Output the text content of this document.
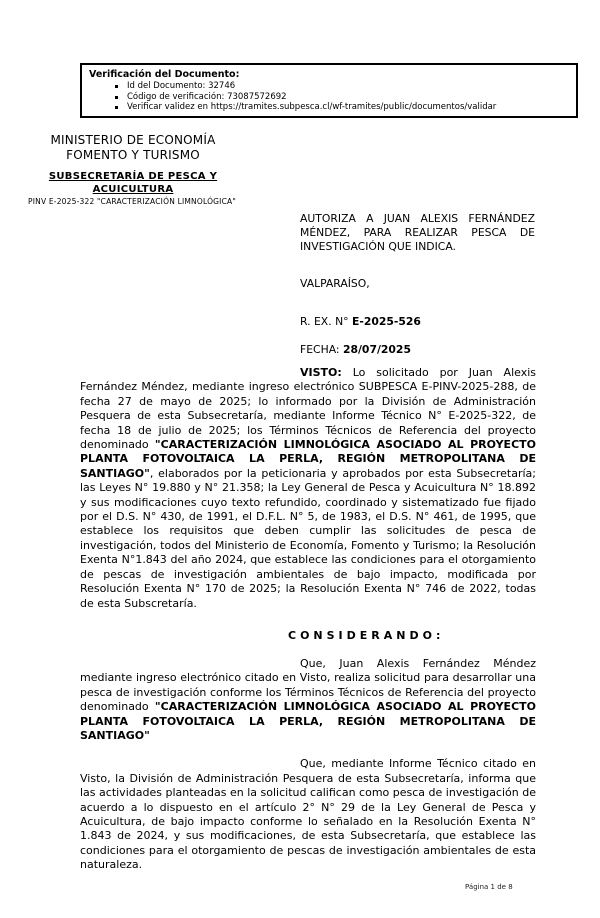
Verificación del Documento:
Id del Documento: 32746
Código de verificación: 73087572692
Verificar validez en https://tramites.subpesca.cl/wf-tramites/public/documentos/validar
MINISTERIO DE ECONOMÍA
FOMENTO Y TURISMO
SUBSECRETARÍA DE PESCA Y ACUICULTURA
PINV E-2025-322 "CARACTERIZACIÓN LIMNOLÓGICA"

AUTORIZA A JUAN ALEXIS FERNÁNDEZ MÉNDEZ, PARA REALIZAR PESCA DE INVESTIGACIÓN QUE INDICA.

VALPARAÍSO,

R. EX. N° E-2025-526

FECHA: 28/07/2025

VISTO: Lo solicitado por Juan Alexis Fernández Méndez, mediante ingreso electrónico SUBPESCA E-PINV-2025-288, de fecha 27 de mayo de 2025; lo informado por la División de Administración Pesquera de esta Subsecretaría, mediante Informe Técnico N° E-2025-322, de fecha 18 de julio de 2025; los Términos Técnicos de Referencia del proyecto denominado "CARACTERIZACIÓN LIMNOLÓGICA ASOCIADO AL PROYECTO PLANTA FOTOVOLTAICA LA PERLA, REGIÓN METROPOLITANA DE SANTIAGO", elaborados por la peticionaria y aprobados por esta Subsecretaría; las Leyes N° 19.880 y N° 21.358; la Ley General de Pesca y Acuicultura N° 18.892 y sus modificaciones cuyo texto refundido, coordinado y sistematizado fue fijado por el D.S. N° 430, de 1991, el D.F.L. N° 5, de 1983, el D.S. N° 461, de 1995, que establece los requisitos que deben cumplir las solicitudes de pesca de investigación, todos del Ministerio de Economía, Fomento y Turismo; la Resolución Exenta N°1.843 del año 2024, que establece las condiciones para el otorgamiento de pescas de investigación ambientales de bajo impacto, modificada por Resolución Exenta N° 170 de 2025; la Resolución Exenta N° 746 de 2022, todas de esta Subscretaría.

CONSIDERANDO:

Que, Juan Alexis Fernández Méndez mediante ingreso electrónico citado en Visto, realiza solicitud para desarrollar una pesca de investigación conforme los Términos Técnicos de Referencia del proyecto denominado "CARACTERIZACIÓN LIMNOLÓGICA ASOCIADO AL PROYECTO PLANTA FOTOVOLTAICA LA PERLA, REGIÓN METROPOLITANA DE SANTIAGO"

Que, mediante Informe Técnico citado en Visto, la División de Administración Pesquera de esta Subsecretaría, informa que las actividades planteadas en la solicitud califican como pesca de investigación de acuerdo a lo dispuesto en el artículo 2° N° 29 de la Ley General de Pesca y Acuicultura, de bajo impacto conforme lo señalado en la Resolución Exenta N° 1.843 de 2024, y sus modificaciones, de esta Subsecretaría, que establece las condiciones para el otorgamiento de pescas de investigación ambientales de esta naturaleza.

Página 1 de 8
